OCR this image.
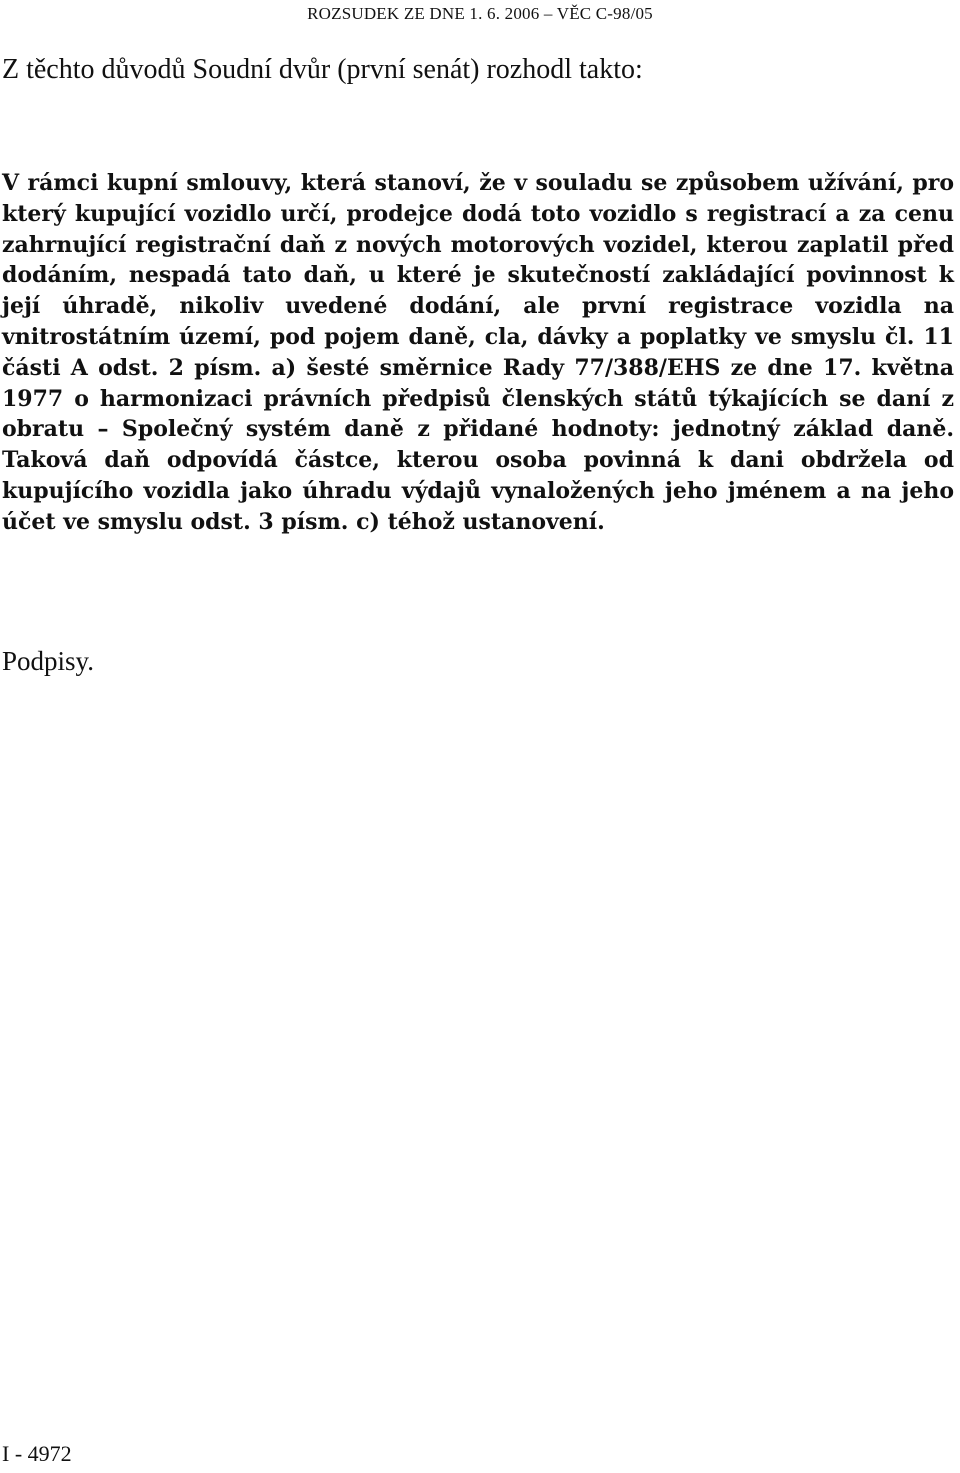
ROZSUDEK ZE DNE 1. 6. 2006 – VĚC C-98/05
Z těchto důvodů Soudní dvůr (první senát) rozhodl takto:

V rámci kupní smlouvy, která stanoví, že v souladu se způsobem užívání, pro který kupující vozidlo určí, prodejce dodá toto vozidlo s registrací a za cenu zahrnující registrační daň z nových motorových vozidel, kterou zaplatil před dodáním, nespadá tato daň, u které je skutečností zakládající povinnost k její úhradě, nikoliv uvedené dodání, ale první registrace vozidla na vnitrostátním území, pod pojem daně, cla, dávky a poplatky ve smyslu čl. 11 části A odst. 2 písm. a) šesté směrnice Rady 77/388/EHS ze dne 17. května 1977 o harmonizaci právních předpisů členských států týkajících se daní z obratu – Společný systém daně z přidané hodnoty: jednotný základ daně. Taková daň odpovídá částce, kterou osoba povinná k dani obdržela od kupujícího vozidla jako úhradu výdajů vynaložených jeho jménem a na jeho účet ve smyslu odst. 3 písm. c) téhož ustanovení.

Podpisy.
I - 4972
